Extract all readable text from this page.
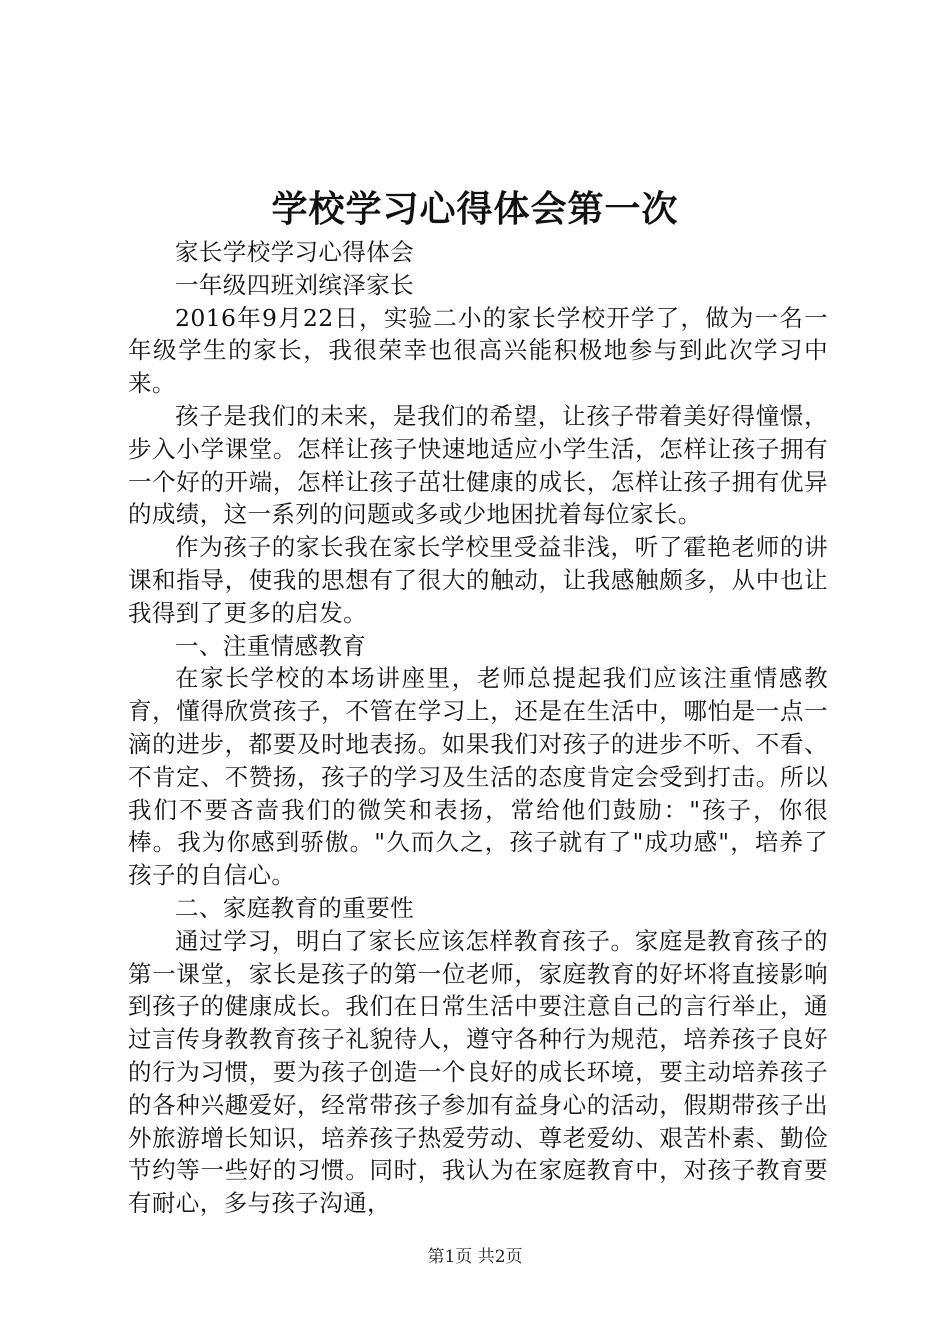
学校学习心得体会第一次

家长学校学习心得体会

一年级四班刘缤泽家长

2016年9月22日，实验二小的家长学校开学了，做为一名一年级学生的家长，我很荣幸也很高兴能积极地参与到此次学习中来。

孩子是我们的未来，是我们的希望，让孩子带着美好得憧憬，步入小学课堂。怎样让孩子快速地适应小学生活，怎样让孩子拥有一个好的开端，怎样让孩子茁壮健康的成长，怎样让孩子拥有优异的成绩，这一系列的问题或多或少地困扰着每位家长。

作为孩子的家长我在家长学校里受益非浅，听了霍艳老师的讲课和指导，使我的思想有了很大的触动，让我感触颇多，从中也让我得到了更多的启发。

一、注重情感教育

在家长学校的本场讲座里，老师总提起我们应该注重情感教育，懂得欣赏孩子，不管在学习上，还是在生活中，哪怕是一点一滴的进步，都要及时地表扬。如果我们对孩子的进步不听、不看、不肯定、不赞扬，孩子的学习及生活的态度肯定会受到打击。所以我们不要吝啬我们的微笑和表扬，常给他们鼓励："孩子，你很棒。我为你感到骄傲。"久而久之，孩子就有了"成功感"，培养了孩子的自信心。

二、家庭教育的重要性

通过学习，明白了家长应该怎样教育孩子。家庭是教育孩子的第一课堂，家长是孩子的第一位老师，家庭教育的好坏将直接影响到孩子的健康成长。我们在日常生活中要注意自己的言行举止，通过言传身教教育孩子礼貌待人，遵守各种行为规范，培养孩子良好的行为习惯，要为孩子创造一个良好的成长环境，要主动培养孩子的各种兴趣爱好，经常带孩子参加有益身心的活动，假期带孩子出外旅游增长知识，培养孩子热爱劳动、尊老爱幼、艰苦朴素、勤俭节约等一些好的习惯。同时，我认为在家庭教育中，对孩子教育要有耐心，多与孩子沟通，

第1页 共2页
